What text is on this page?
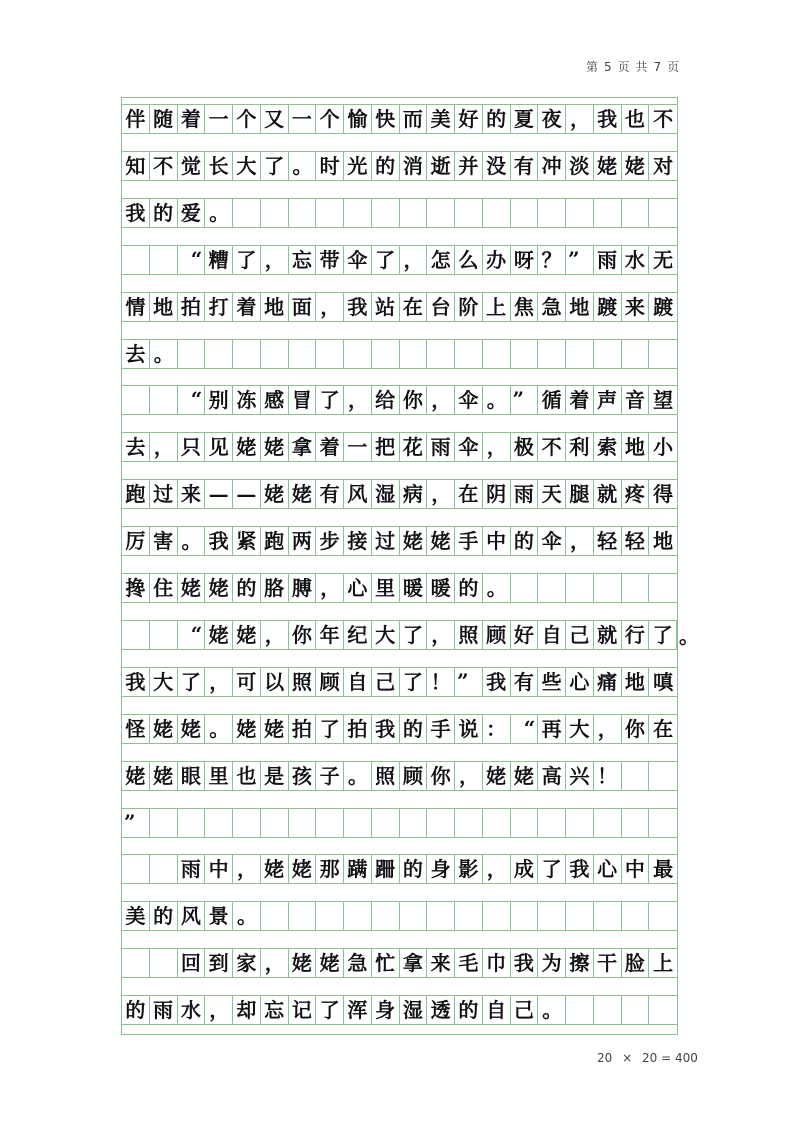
第 5 页 共 7 页
伴 随 着 一 个 又 一 个 愉 快 而 美 好 的 夏 夜 ， 我 也 不
知 不 觉 长 大 了 。 时 光 的 消 逝 并 没 有 冲 淡 姥 姥 对
我 的 爱 。
“ 糟 了 ， 忘 带 伞 了 ， 怎 么 办 呀 ？ ” 雨 水 无
情 地 拍 打 着 地 面 ， 我 站 在 台 阶 上 焦 急 地 踱 来 踱
去 。
“ 别 冻 感 冒 了 ， 给 你 ， 伞 。 ” 循 着 声 音 望
去 ， 只 见 姥 姥 拿 着 一 把 花 雨 伞 ， 极 不 利 索 地 小
跑 过 来 — — 姥 姥 有 风 湿 病 ， 在 阴 雨 天 腿 就 疼 得
厉 害 。 我 紧 跑 两 步 接 过 姥 姥 手 中 的 伞 ， 轻 轻 地
搀 住 姥 姥 的 胳 膊 ， 心 里 暖 暖 的 。
“ 姥 姥 ， 你 年 纪 大 了 ， 照 顾 好 自 己 就 行 了 。
我 大 了 ， 可 以 照 顾 自 己 了 ！ ” 我 有 些 心 痛 地 嗔
怪 姥 姥 。 姥 姥 拍 了 拍 我 的 手 说 ： “ 再 大 ， 你 在
姥 姥 眼 里 也 是 孩 子 。 照 顾 你 ， 姥 姥 高 兴 ！
”
雨 中 ， 姥 姥 那 蹒 跚 的 身 影 ， 成 了 我 心 中 最
美 的 风 景 。
回 到 家 ， 姥 姥 急 忙 拿 来 毛 巾 我 为 擦 干 脸 上
的 雨 水 ， 却 忘 记 了 浑 身 湿 透 的 自 己 。
20 × 20 = 400
